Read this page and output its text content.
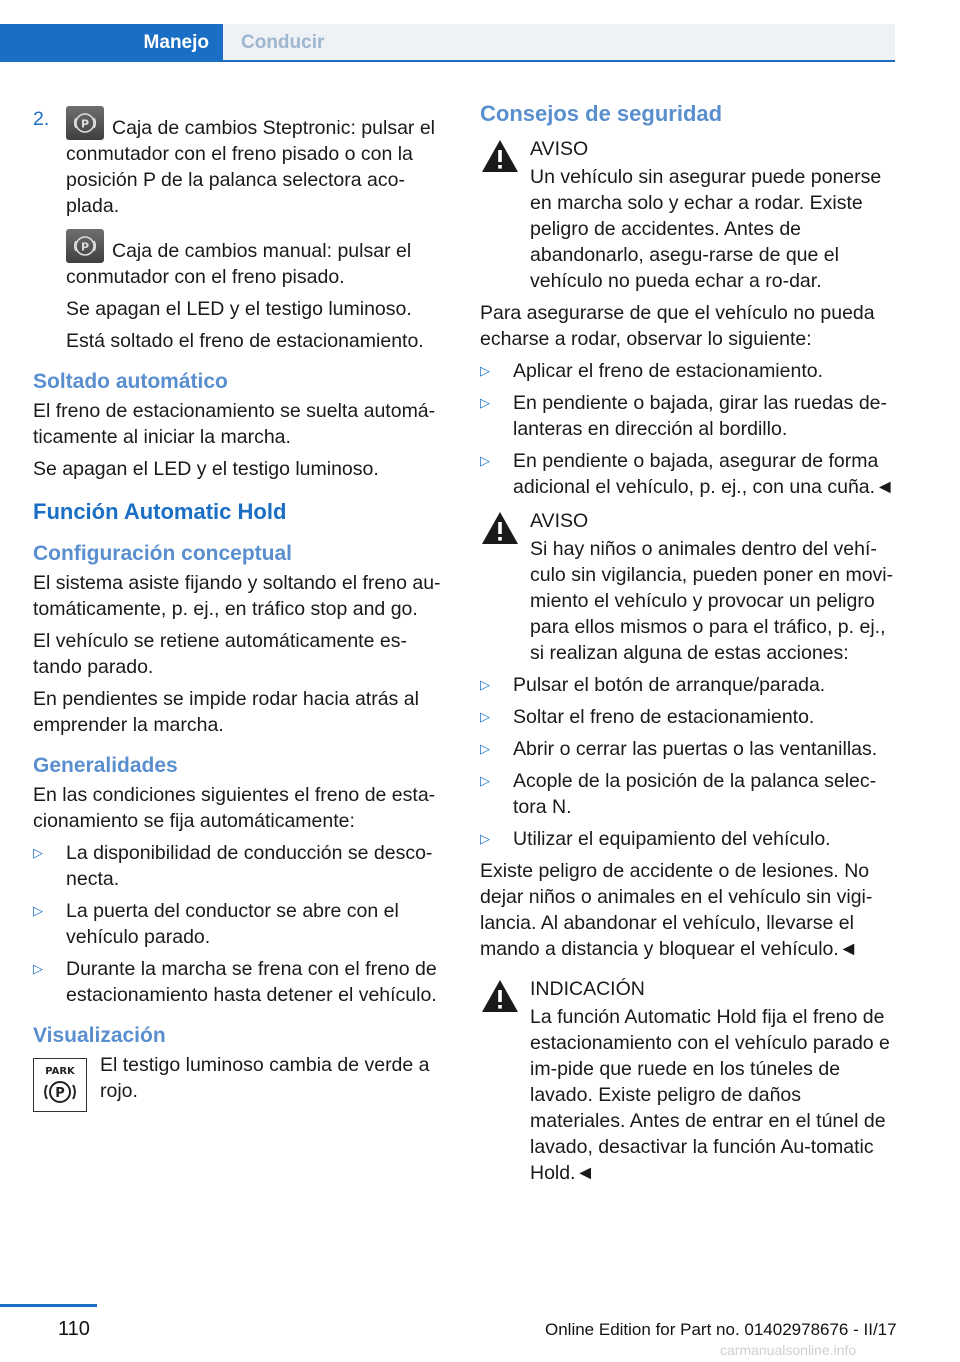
Manejo Conducir
2.	P Caja de cambios Steptronic: pulsar el conmutador con el freno pisado o con la posición P de la palanca selectora aco-plada.

P Caja de cambios manual: pulsar el conmutador con el freno pisado.

Se apagan el LED y el testigo luminoso.

Está soltado el freno de estacionamiento.

Soltado automático

El freno de estacionamiento se suelta automá-ticamente al iniciar la marcha.

Se apagan el LED y el testigo luminoso.

Función Automatic Hold
Configuración conceptual

El sistema asiste fijando y soltando el freno au-tomáticamente, p. ej., en tráfico stop and go.

El vehículo se retiene automáticamente es-tando parado.

En pendientes se impide rodar hacia atrás al emprender la marcha.

Generalidades

En las condiciones siguientes el freno de esta-cionamiento se fija automáticamente:

▷ La disponibilidad de conducción se desco-necta.
▷ La puerta del conductor se abre con el vehículo parado.
▷ Durante la marcha se frena con el freno de estacionamiento hasta detener el vehículo.
Visualización
PARK
P

El testigo luminoso cambia de verde a rojo.

Consejos de seguridad

AVISO

Un vehículo sin asegurar puede ponerse en marcha solo y echar a rodar. Existe peligro de accidentes. Antes de abandonarlo, asegu-rarse de que el vehículo no pueda echar a ro-dar.

Para asegurarse de que el vehículo no pueda echarse a rodar, observar lo siguiente:

▷ Aplicar el freno de estacionamiento.
▷ En pendiente o bajada, girar las ruedas de-lanteras en dirección al bordillo.
▷ En pendiente o bajada, asegurar de forma adicional el vehículo, p. ej., con una cuña.◄

AVISO

Si hay niños o animales dentro del vehí-culo sin vigilancia, pueden poner en movi-miento el vehículo y provocar un peligro para ellos mismos o para el tráfico, p. ej., si realizan alguna de estas acciones:

▷ Pulsar el botón de arranque/parada.
▷ Soltar el freno de estacionamiento.
▷ Abrir o cerrar las puertas o las ventanillas.
▷ Acople de la posición de la palanca selec-tora N.
▷ Utilizar el equipamiento del vehículo.

Existe peligro de accidente o de lesiones. No dejar niños o animales en el vehículo sin vigi-lancia. Al abandonar el vehículo, llevarse el mando a distancia y bloquear el vehículo.◄

INDICACIÓN

La función Automatic Hold fija el freno de estacionamiento con el vehículo parado e im-pide que ruede en los túneles de lavado. Existe peligro de daños materiales. Antes de entrar en el túnel de lavado, desactivar la función Au-tomatic Hold.◄

110	Online Edition for Part no. 01402978676 - II/17
carmanualsonline.info
